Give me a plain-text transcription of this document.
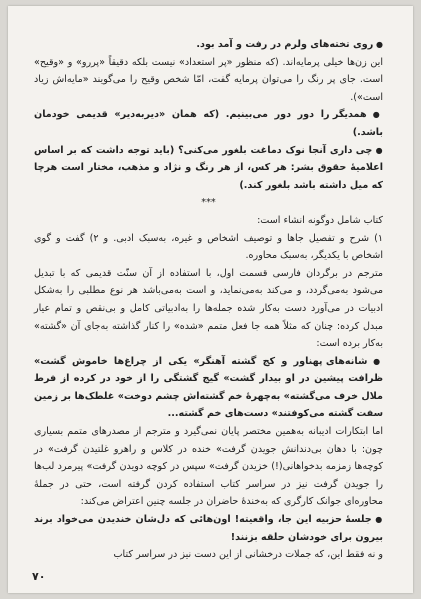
● روی تخته‌های ولرم در رفت و آمد بود.

این زن‌ها خیلی پرمایه‌اند. (که منظور «پر استعداد» نیست بلکه دقیقاً «پررو» و «وقیح» است. جای پر رنگ را می‌توان پرمایه گفت، امّا شخص وقیح را می‌گویند «مایه‌اش زیاد است»).

● همدیگر را دور دور می‌بینیم. (که همان «دیربه‌دیر» قدیمی خودمان باشد.)

● چی داری آنجا نوک دماغت بلغور می‌کنی؟ (باید توجه داشت که بر اساس اعلامیهٔ حقوق بشر: هر کس، از هر رنگ و نژاد و مذهب، مختار است هرچا که میل داشته باشد بلغور کند.)

***

کتاب شامل دوگونه انشاء است:

۱) شرح و تفصیل جاها و توصیف اشخاص و غیره، به‌سبک ادبی. و ۲) گفت و گوی اشخاص با یکدیگر، به‌سبک محاوره.

مترجم در برگردان فارسی قسمت اول، با استفاده از آن سنّت قدیمی که با تبدیل می‌شود به‌می‌گردد، و می‌کند به‌می‌نماید، و است به‌می‌باشد هر نوع مطلبی را به‌شکل ادبیات در می‌آورد دست به‌کار شده جمله‌ها را به‌ادبیاتی کامل و بی‌نقص و تمام عیار مبدل کرده: چنان که مثلاً همه جا فعل متمم «شده» را کنار گذاشته به‌جای آن «گشته» به‌کار برده است:

● شانه‌های پهناور و کج گشته آهنگر» یکی از چراغ‌ها خاموش گشت» ظرافت پیشین در او بیدار گشت» گیج گشتگی را از خود در کرده از فرط ملال خرف می‌گشته» به‌چهرهٔ خم گشته‌اش چشم دوخت» غلطک‌ها بر زمین سفت گشته می‌کوفتند» دست‌های خم گشته...

اما ابتکارات ادیبانه به‌همین مختصر پایان نمی‌گیرد و مترجم از مصدرهای متمم بسیاری چون: با دهان بی‌دندانش جویدن گرفت» خنده در کلاس و راهرو غلتیدن گرفت» در کوچه‌ها زمزمه بدخواهانی(!) خزیدن گرفت» سپس در کوچه دویدن گرفت» پیرمرد لب‌ها را جویدن گرفت نیز در سراسر کتاب استفاده کردن گرفته است، حتی در جملهٔ محاوره‌ای جوانک کارگری که به‌خندهٔ حاضران در جلسه چنین اعتراض می‌کند:

● جلسهٔ حزبیه این جا، واقعیته! اون‌هائی که دل‌شان خندیدن می‌خواد برند بیرون برای خودشان حلقه بزنند!

و نه فقط این، که جملات درخشانی از این دست نیز در سراسر کتاب

۷۰
